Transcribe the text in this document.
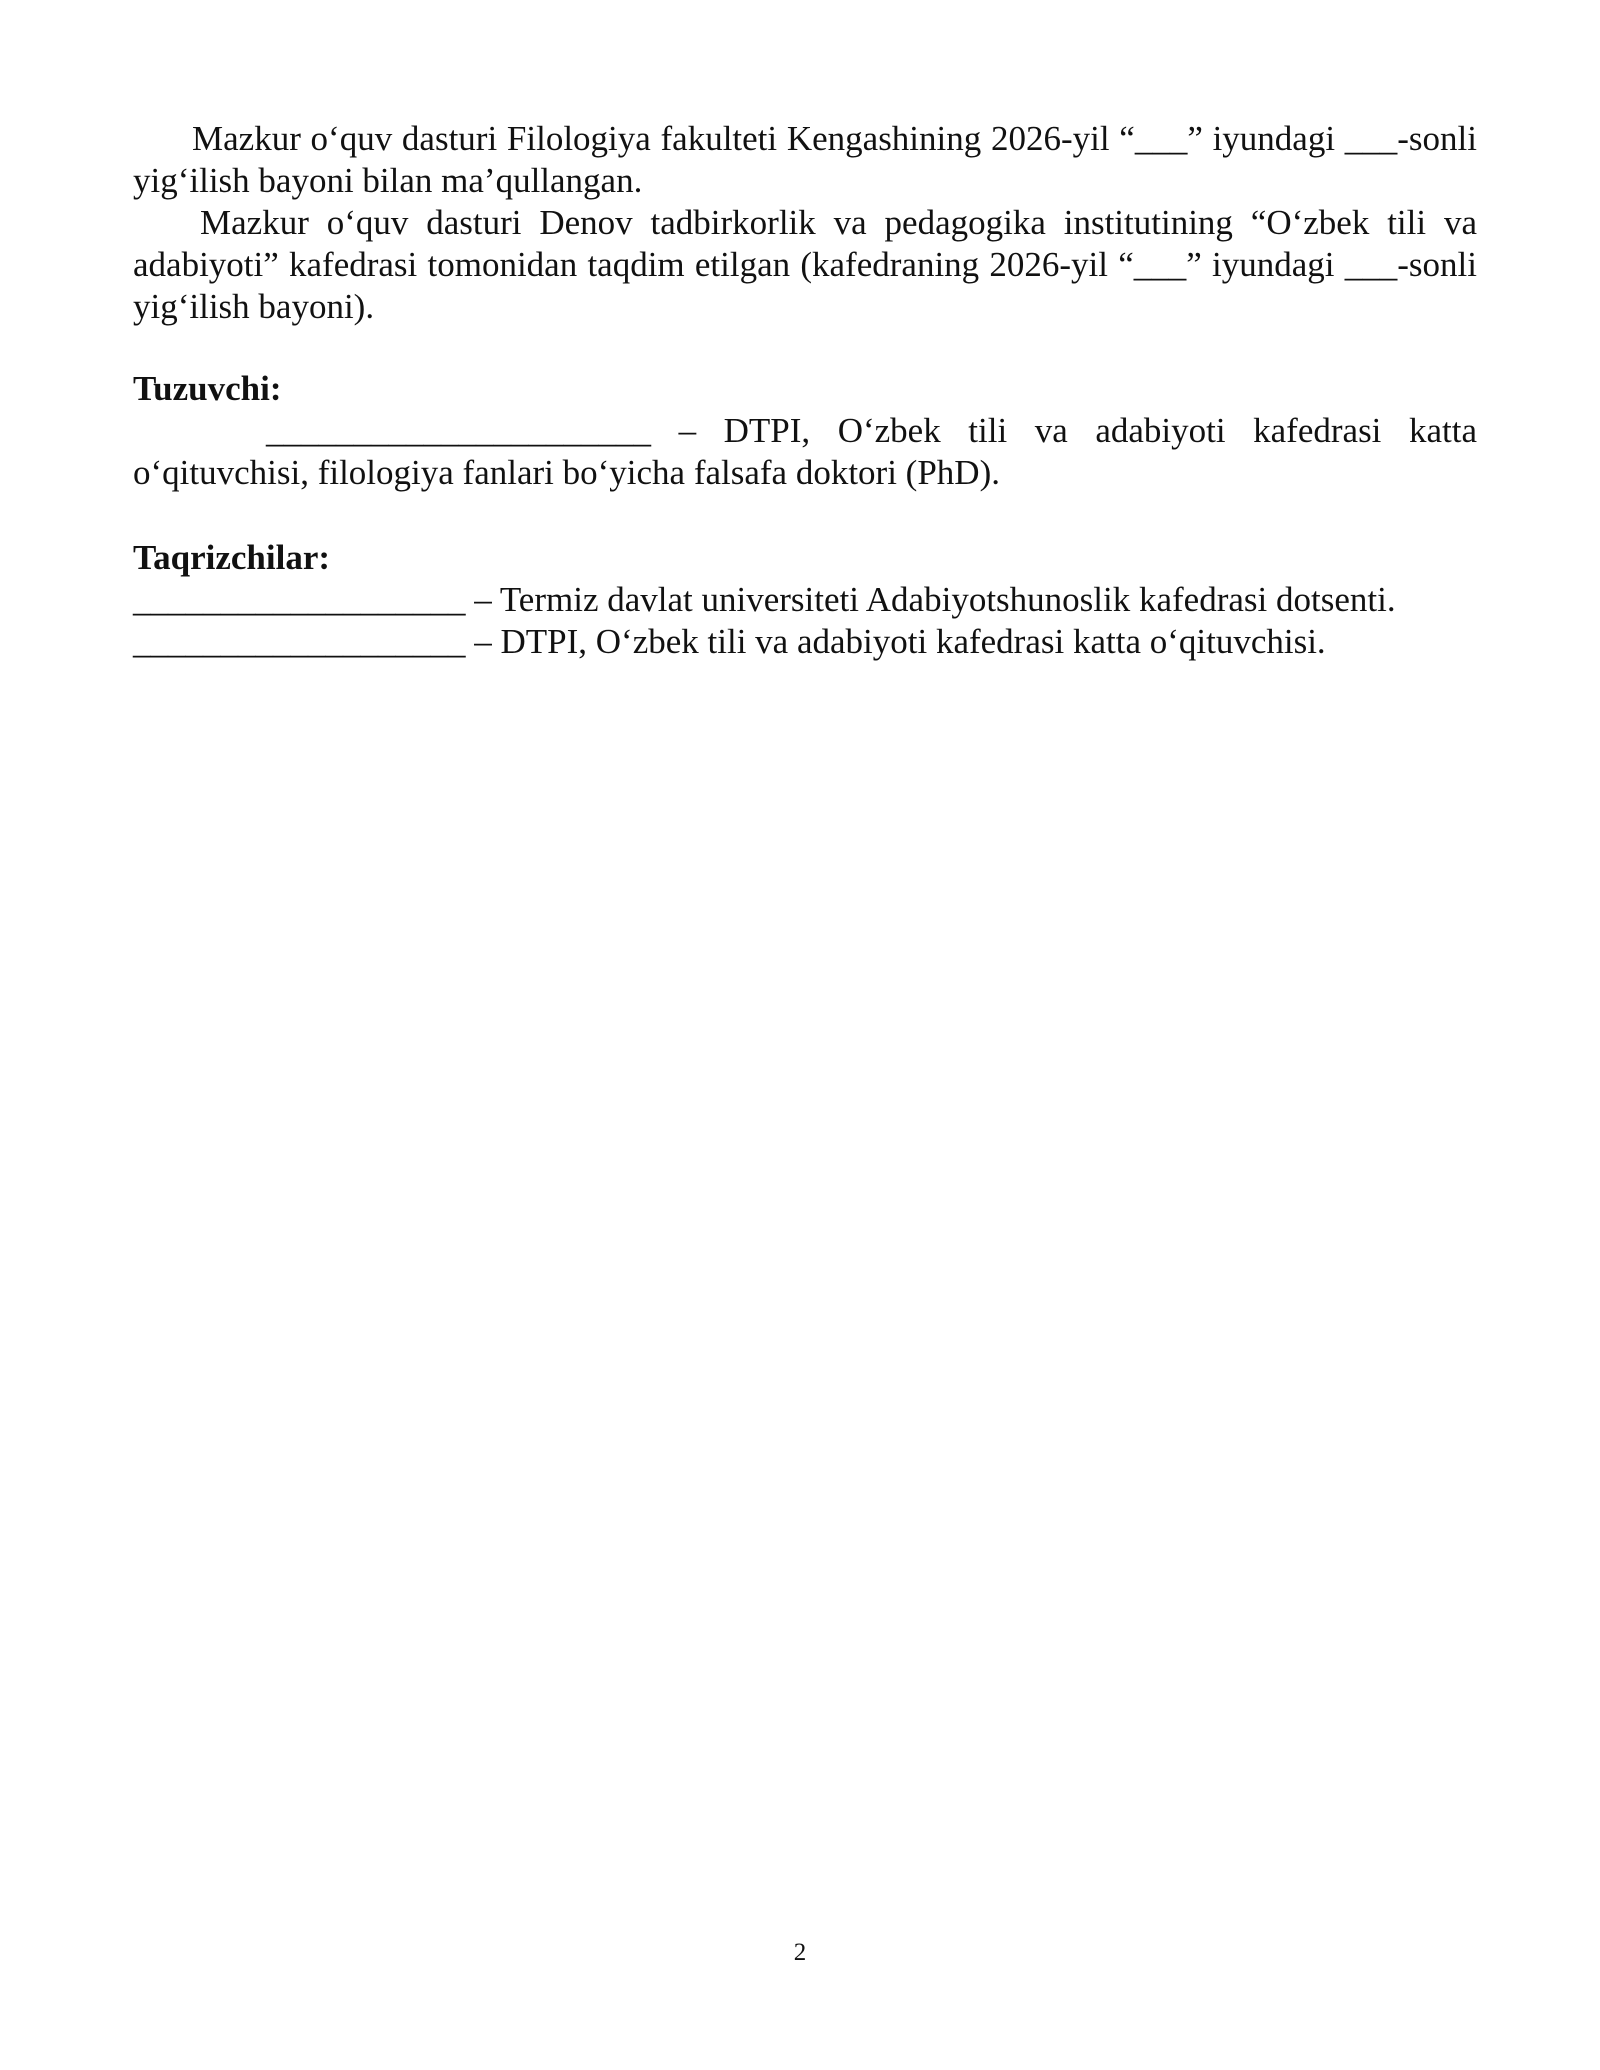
Mazkur o‘quv dasturi Filologiya fakulteti Kengashining 2026-yil “___” iyundagi ___-sonli yig‘ilish bayoni bilan ma’qullangan.

Mazkur o‘quv dasturi Denov tadbirkorlik va pedagogika institutining “O‘zbek tili va adabiyoti” kafedrasi tomonidan taqdim etilgan (kafedraning 2026-yil “___” iyundagi ___-sonli yig‘ilish bayoni).

Tuzuvchi:

______________________ – DTPI, O‘zbek tili va adabiyoti kafedrasi katta o‘qituvchisi, filologiya fanlari bo‘yicha falsafa doktori (PhD).

Taqrizchilar:

___________________ – Termiz davlat universiteti Adabiyotshunoslik kafedrasi dotsenti.

___________________ – DTPI, O‘zbek tili va adabiyoti kafedrasi katta o‘qituvchisi.

2
